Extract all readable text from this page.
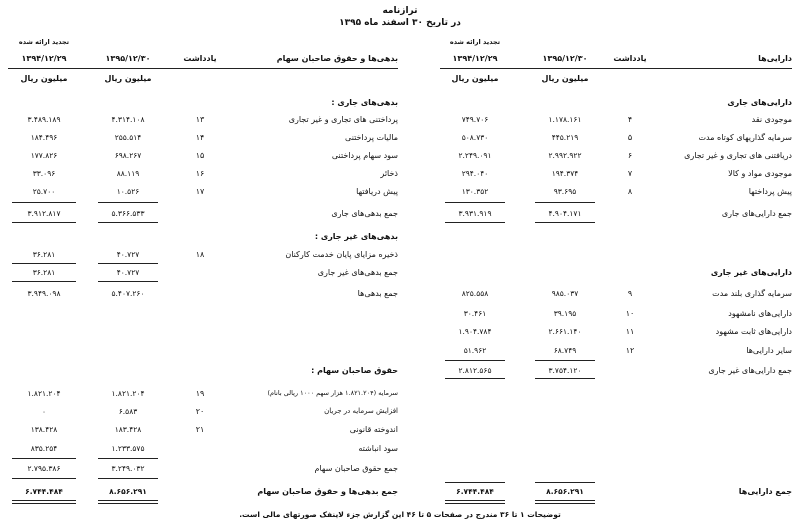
ترازنامه
در تاریخ ۳۰ اسفند ماه ۱۳۹۵
تجدید ارائه شده
دارایی‌ها
یادداشت
۱۳۹۵/۱۲/۳۰
۱۳۹۴/۱۲/۲۹
میلیون ریال
میلیون ریال
تجدید ارائه شده
بدهی‌ها و حقوق صاحبان سهام
یادداشت
۱۳۹۵/۱۲/۳۰
۱۳۹۴/۱۲/۲۹
میلیون ریال
میلیون ریال
دارایی‌های جاری
موجودی نقد
۴
۱.۱۷۸.۱۶۱
۷۴۹.۷۰۶
سرمایه گذاریهای کوتاه مدت
۵
۴۴۵.۲۱۹
۵۰۸.۷۳۰
دریافتنی های تجاری و غیر تجاری
۶
۲.۹۹۲.۹۲۲
۲.۲۴۹.۰۹۱
موجودی مواد و کالا
۷
۱۹۴.۳۷۴
۲۹۴.۰۴۰
پیش پرداختها
۸
۹۳.۶۹۵
۱۳۰.۳۵۲
جمع دارایی‌های جاری
۴.۹۰۴.۱۷۱
۳.۹۳۱.۹۱۹
دارایی‌های غیر جاری
سرمایه گذاری بلند مدت
۹
۹۸۵.۰۳۷
۸۲۵.۵۵۸
دارایی‌های نامشهود
۱۰
۳۹.۱۹۵
۳۰.۴۶۱
دارایی‌های ثابت مشهود
۱۱
۲.۶۶۱.۱۴۰
۱.۹۰۴.۷۸۴
سایر دارایی‌ها
۱۲
۶۸.۷۴۹
۵۱.۹۶۲
جمع دارایی‌های غیر جاری
۳.۷۵۴.۱۲۰
۲.۸۱۲.۵۶۵
جمع دارایی‌ها
۸.۶۵۶.۲۹۱
۶.۷۴۴.۴۸۴
بدهی‌های جاری :
پرداختنی های تجاری و غیر تجاری
۱۳
۴.۳۱۴.۱۰۸
۳.۴۸۹.۱۸۹
مالیات پرداختنی
۱۴
۲۵۵.۵۱۴
۱۸۴.۴۹۶
سود سهام پرداختنی
۱۵
۶۹۸.۲۶۷
۱۷۷.۸۲۶
ذخائر
۱۶
۸۸.۱۱۹
۳۳.۰۹۶
پیش دریافتها
۱۷
۱۰.۵۲۶
۲۵.۷۰۰
جمع بدهی‌های جاری
۵.۳۶۶.۵۳۳
۳.۹۱۲.۸۱۷
بدهی‌های غیر جاری :
ذخیره مزایای پایان خدمت کارکنان
۱۸
۴۰.۷۲۷
۳۶.۲۸۱
جمع بدهی‌های غیر جاری
۴۰.۷۲۷
۳۶.۲۸۱
جمع بدهی‌ها
۵.۴۰۷.۲۶۰
۳.۹۴۹.۰۹۸
حقوق صاحبان سهام :
سرمایه (۱.۸۲۱.۲۰۴ هزار سهم ۱۰۰۰ ریالی بانام)
۱۹
۱.۸۲۱.۲۰۴
۱.۸۲۱.۲۰۴
افزایش سرمایه در جریان
۲۰
۶.۵۸۳
۰
اندوخته قانونی
۲۱
۱۸۳.۴۲۸
۱۳۸.۴۲۸
سود انباشته
۱.۲۳۳.۵۷۵
۸۳۵.۲۵۴
جمع حقوق صاحبان سهام
۳.۲۴۹.۰۳۲
۲.۷۹۵.۳۸۶
جمع بدهی‌ها و حقوق صاحبان سهام
۸.۶۵۶.۲۹۱
۶.۷۴۴.۴۸۴
توضیحات ۱ تا ۳۶ مندرج در صفحات ۵ تا ۴۶ این گزارش جزء لاینفک صورتهای مالی است.
